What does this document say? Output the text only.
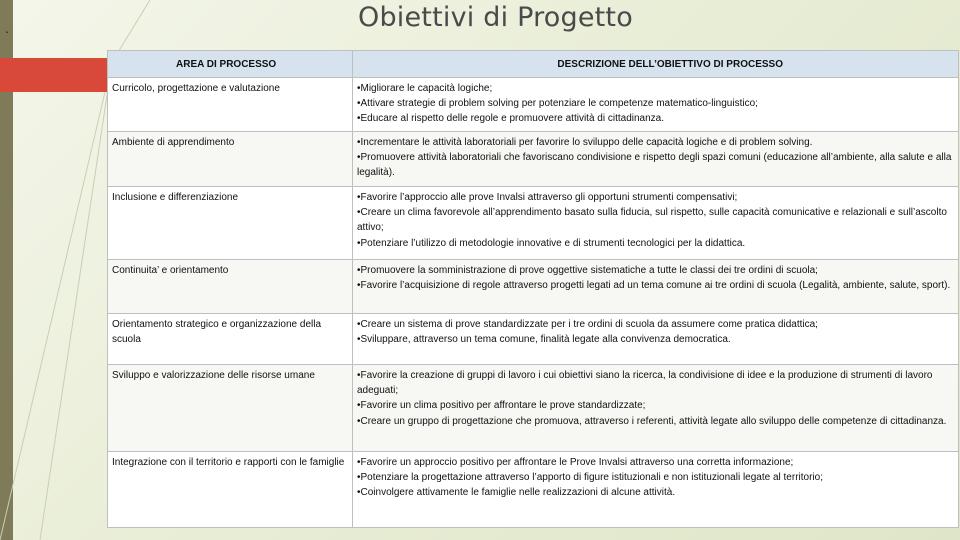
.	Obiettivi di Progetto
AREA DI PROCESSO	DESCRIZIONE DELL’OBIETTIVO DI PROCESSO
Curricolo, progettazione e valutazione	•Migliorare le capacità logiche;
•Attivare strategie di problem solving per potenziare le competenze matematico-linguistico;
•Educare al rispetto delle regole e promuovere attività di cittadinanza.

Ambiente di apprendimento	•Incrementare le attività laboratoriali per favorire lo sviluppo delle capacità logiche e di problem solving.
•Promuovere attività laboratoriali che favoriscano condivisione e rispetto degli spazi comuni (educazione all’ambiente, alla salute e alla legalità).

Inclusione e differenziazione	•Favorire l’approccio alle prove Invalsi attraverso gli opportuni strumenti compensativi;
•Creare un clima favorevole all’apprendimento basato sulla fiducia, sul rispetto, sulle capacità comunicative e relazionali e sull’ascolto attivo;
•Potenziare l’utilizzo di metodologie innovative e di strumenti tecnologici per la didattica.

Continuita’ e orientamento	•Promuovere la somministrazione di prove oggettive sistematiche a tutte le classi dei tre ordini di scuola;
•Favorire l’acquisizione di regole attraverso progetti legati ad un tema comune ai tre ordini di scuola (Legalità, ambiente, salute, sport).

Orientamento strategico e organizzazione della scuola	•Creare un sistema di prove standardizzate per i tre ordini di scuola da assumere come pratica didattica;
•Sviluppare, attraverso un tema comune, finalità legate alla convivenza democratica.

Sviluppo e valorizzazione delle risorse umane	•Favorire la creazione di gruppi di lavoro i cui obiettivi siano la ricerca, la condivisione di idee e la produzione di strumenti di lavoro adeguati;
•Favorire un clima positivo per affrontare le prove standardizzate;
•Creare un gruppo di progettazione che promuova, attraverso i referenti, attività legate allo sviluppo delle competenze di cittadinanza.

Integrazione con il territorio e rapporti con le famiglie	•Favorire un approccio positivo per affrontare le Prove Invalsi attraverso una corretta informazione;
•Potenziare la progettazione attraverso l’apporto di figure istituzionali e non istituzionali legate al territorio;
•Coinvolgere attivamente le famiglie nelle realizzazioni di alcune attività.
